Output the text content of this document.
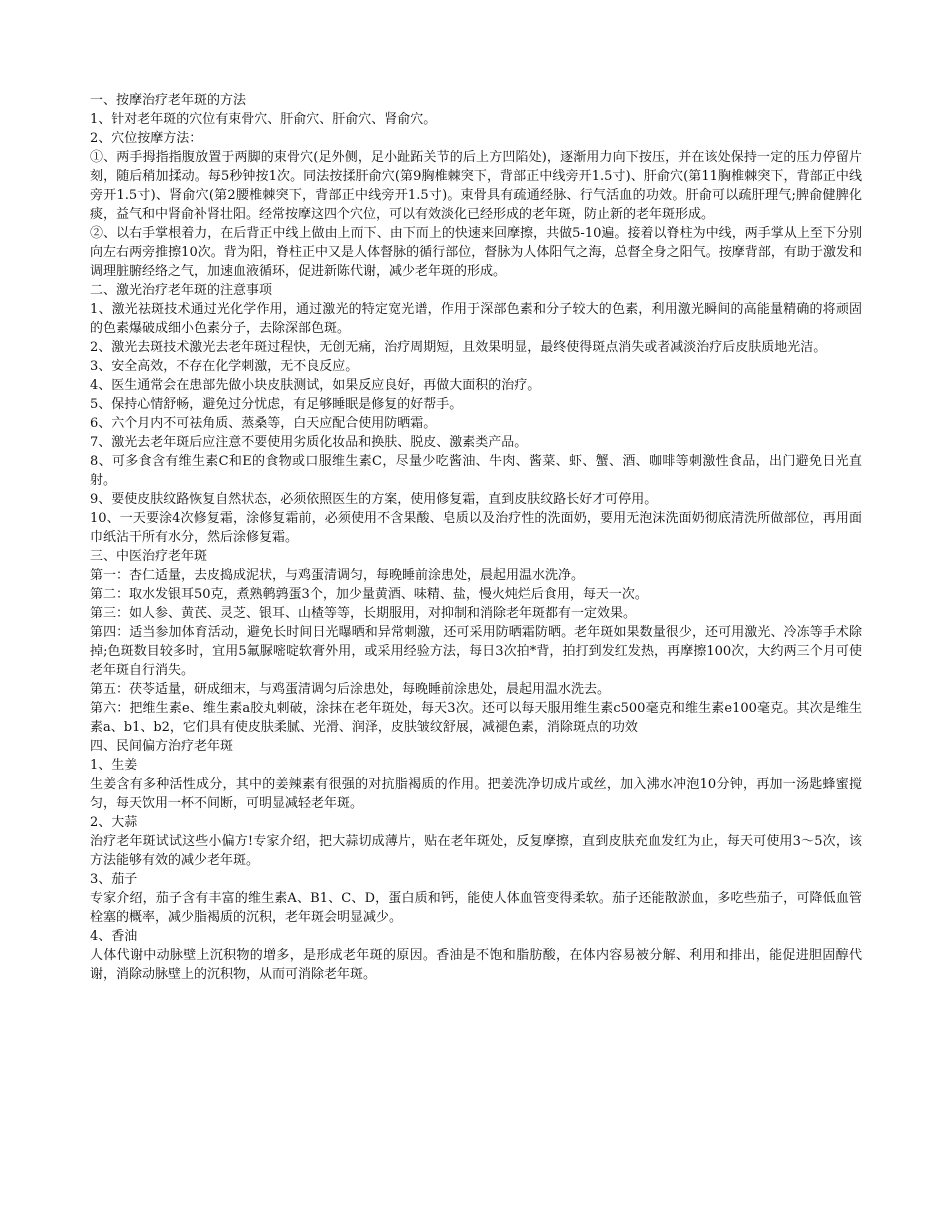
一、按摩治疗老年斑的方法

1、针对老年斑的穴位有束骨穴、肝俞穴、肝俞穴、肾俞穴。

2、穴位按摩方法：

①、两手拇指指腹放置于两脚的束骨穴(足外侧，足小趾跖关节的后上方凹陷处)，逐渐用力向下按压，并在该处保持一定的压力停留片刻，随后稍加揉动。每5秒钟按1次。同法按揉肝俞穴(第9胸椎棘突下，背部正中线旁开1.5寸)、肝俞穴(第11胸椎棘突下，背部正中线旁开1.5寸)、肾俞穴(第2腰椎棘突下，背部正中线旁开1.5寸)。束骨具有疏通经脉、行气活血的功效。肝俞可以疏肝理气;脾俞健脾化痰，益气和中肾俞补肾壮阳。经常按摩这四个穴位，可以有效淡化已经形成的老年斑，防止新的老年斑形成。

②、以右手掌根着力，在后背正中线上做由上而下、由下而上的快速来回摩擦，共做5-10遍。接着以脊柱为中线，两手掌从上至下分别向左右两旁推擦10次。背为阳，脊柱正中又是人体督脉的循行部位，督脉为人体阳气之海，总督全身之阳气。按摩背部，有助于激发和调理脏腑经络之气，加速血液循环，促进新陈代谢，减少老年斑的形成。

二、激光治疗老年斑的注意事项

1、激光祛斑技术通过光化学作用，通过激光的特定宽光谱，作用于深部色素和分子较大的色素，利用激光瞬间的高能量精确的将顽固的色素爆破成细小色素分子，去除深部色斑。

2、激光去斑技术激光去老年斑过程快，无创无痛，治疗周期短，且效果明显，最终使得斑点消失或者减淡治疗后皮肤质地光洁。

3、安全高效，不存在化学刺激，无不良反应。

4、医生通常会在患部先做小块皮肤测试，如果反应良好，再做大面积的治疗。

5、保持心情舒畅，避免过分忧虑，有足够睡眠是修复的好帮手。

6、六个月内不可祛角质、蒸桑等，白天应配合使用防晒霜。

7、激光去老年斑后应注意不要使用劣质化妆品和换肤、脱皮、激素类产品。

8、可多食含有维生素C和E的食物或口服维生素C，尽量少吃酱油、牛肉、酱菜、虾、蟹、酒、咖啡等刺激性食品，出门避免日光直射。

9、要使皮肤纹路恢复自然状态，必须依照医生的方案，使用修复霜，直到皮肤纹路长好才可停用。

10、一天要涂4次修复霜，涂修复霜前，必须使用不含果酸、皂质以及治疗性的洗面奶，要用无泡沫洗面奶彻底清洗所做部位，再用面巾纸沾干所有水分，然后涂修复霜。

三、中医治疗老年斑

第一：杏仁适量，去皮捣成泥状，与鸡蛋清调匀，每晚睡前涂患处，晨起用温水洗净。

第二：取水发银耳50克，煮熟鹌鹑蛋3个，加少量黄酒、味精、盐，慢火炖烂后食用，每天一次。

第三：如人参、黄芪、灵芝、银耳、山楂等等，长期服用，对抑制和消除老年斑都有一定效果。

第四：适当参加体育活动，避免长时间日光曝晒和异常刺激，还可采用防晒霜防晒。老年斑如果数量很少，还可用激光、冷冻等手术除掉;色斑数目较多时，宜用5氟脲嘧啶软膏外用，或采用经验方法，每日3次拍*背，拍打到发红发热，再摩擦100次，大约两三个月可使老年斑自行消失。

第五：茯苓适量，研成细末，与鸡蛋清调匀后涂患处，每晚睡前涂患处，晨起用温水洗去。

第六：把维生素e、维生素a胶丸刺破，涂抹在老年斑处，每天3次。还可以每天服用维生素c500毫克和维生素e100毫克。其次是维生素a、b1、b2，它们具有使皮肤柔腻、光滑、润泽，皮肤皱纹舒展，减褪色素，消除斑点的功效

四、民间偏方治疗老年斑

1、生姜

生姜含有多种活性成分，其中的姜辣素有很强的对抗脂褐质的作用。把姜洗净切成片或丝，加入沸水冲泡10分钟，再加一汤匙蜂蜜搅匀，每天饮用一杯不间断，可明显减轻老年斑。

2、大蒜

治疗老年斑试试这些小偏方!专家介绍，把大蒜切成薄片，贴在老年斑处，反复摩擦，直到皮肤充血发红为止，每天可使用3～5次，该方法能够有效的减少老年斑。

3、茄子

专家介绍，茄子含有丰富的维生素A、B1、C、D，蛋白质和钙，能使人体血管变得柔软。茄子还能散淤血，多吃些茄子，可降低血管栓塞的概率，减少脂褐质的沉积，老年斑会明显减少。

4、香油

人体代谢中动脉壁上沉积物的增多，是形成老年斑的原因。香油是不饱和脂肪酸，在体内容易被分解、利用和排出，能促进胆固醇代谢，消除动脉壁上的沉积物，从而可消除老年斑。
